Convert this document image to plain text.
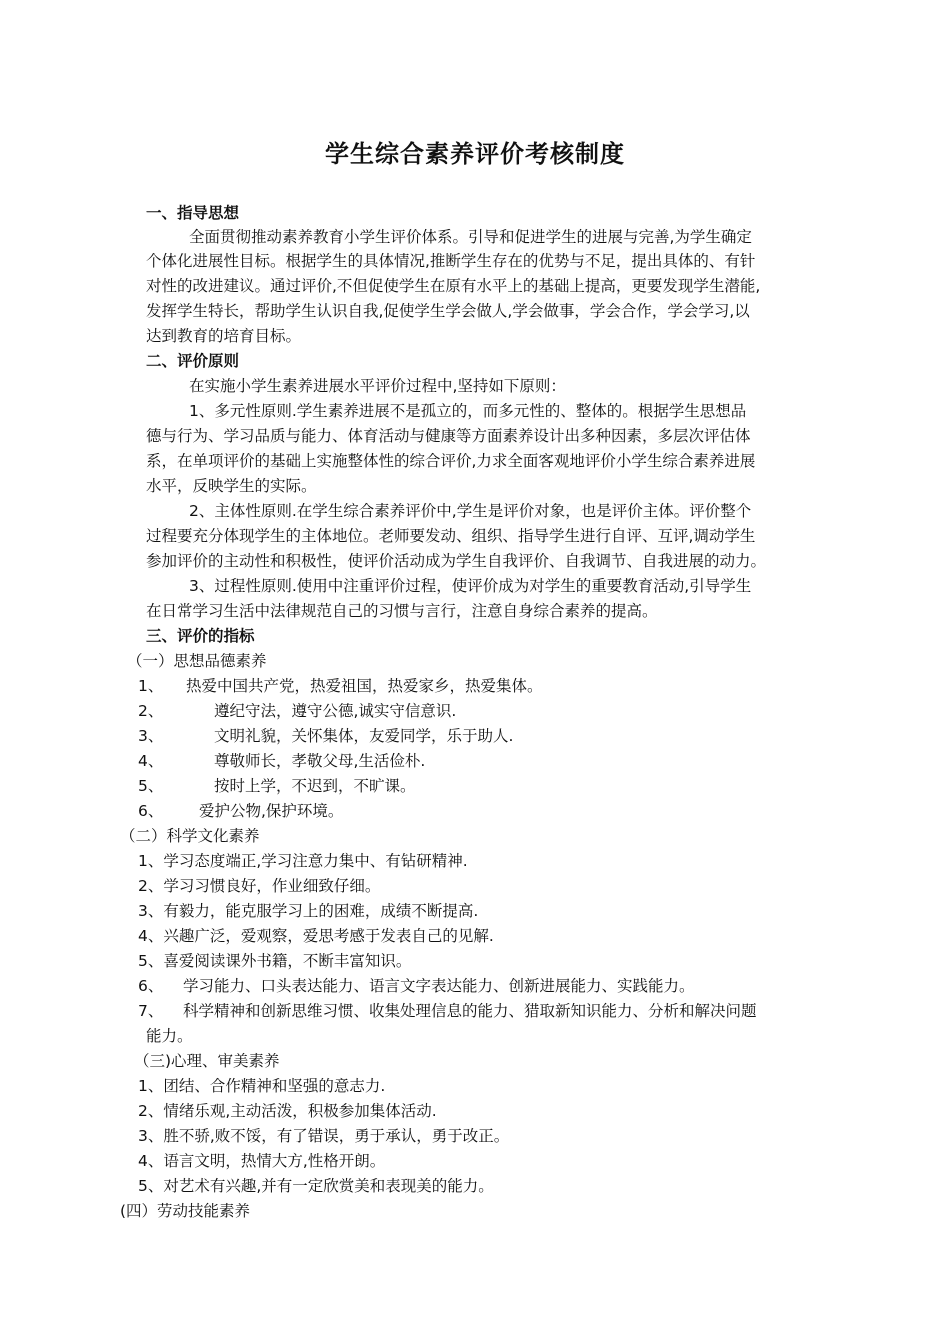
学生综合素养评价考核制度
一、指导思想
全面贯彻推动素养教育小学生评价体系。引导和促进学生的进展与完善,为学生确定
个体化进展性目标。根据学生的具体情况,推断学生存在的优势与不足，提出具体的、有针
对性的改进建议。通过评价,不但促使学生在原有水平上的基础上提高，更要发现学生潜能,
发挥学生特长，帮助学生认识自我,促使学生学会做人,学会做事，学会合作，学会学习,以
达到教育的培育目标。
二、评价原则
在实施小学生素养进展水平评价过程中,坚持如下原则：
1、多元性原则.学生素养进展不是孤立的，而多元性的、整体的。根据学生思想品
德与行为、学习品质与能力、体育活动与健康等方面素养设计出多种因素，多层次评估体
系，在单项评价的基础上实施整体性的综合评价,力求全面客观地评价小学生综合素养进展
水平，反映学生的实际。
2、主体性原则.在学生综合素养评价中,学生是评价对象，也是评价主体。评价整个
过程要充分体现学生的主体地位。老师要发动、组织、指导学生进行自评、互评,调动学生
参加评价的主动性和积极性，使评价活动成为学生自我评价、自我调节、自我进展的动力。
3、过程性原则.使用中注重评价过程，使评价成为对学生的重要教育活动,引导学生
在日常学习生活中法律规范自己的习惯与言行，注意自身综合素养的提高。
三、评价的指标
（一）思想品德素养
1、 热爱中国共产党，热爱祖国，热爱家乡，热爱集体。
2、	遵纪守法，遵守公德,诚实守信意识.
3、	文明礼貌，关怀集体，友爱同学，乐于助人.
4、	尊敬师长，孝敬父母,生活俭朴.
5、	按时上学，不迟到，不旷课。
6、 爱护公物,保护环境。
（二）科学文化素养
1、学习态度端正,学习注意力集中、有钻研精神.
2、学习习惯良好，作业细致仔细。
3、有毅力，能克服学习上的困难，成绩不断提高.
4、兴趣广泛，爱观察，爱思考感于发表自己的见解.
5、喜爱阅读课外书籍，不断丰富知识。
6、 学习能力、口头表达能力、语言文字表达能力、创新进展能力、实践能力。
7、 科学精神和创新思维习惯、收集处理信息的能力、猎取新知识能力、分析和解决问题
能力。
（三)心理、审美素养
1、团结、合作精神和坚强的意志力.
2、情绪乐观,主动活泼，积极参加集体活动.
3、胜不骄,败不馁，有了错误，勇于承认，勇于改正。
4、语言文明，热情大方,性格开朗。
5、对艺术有兴趣,并有一定欣赏美和表现美的能力。
(四）劳动技能素养
